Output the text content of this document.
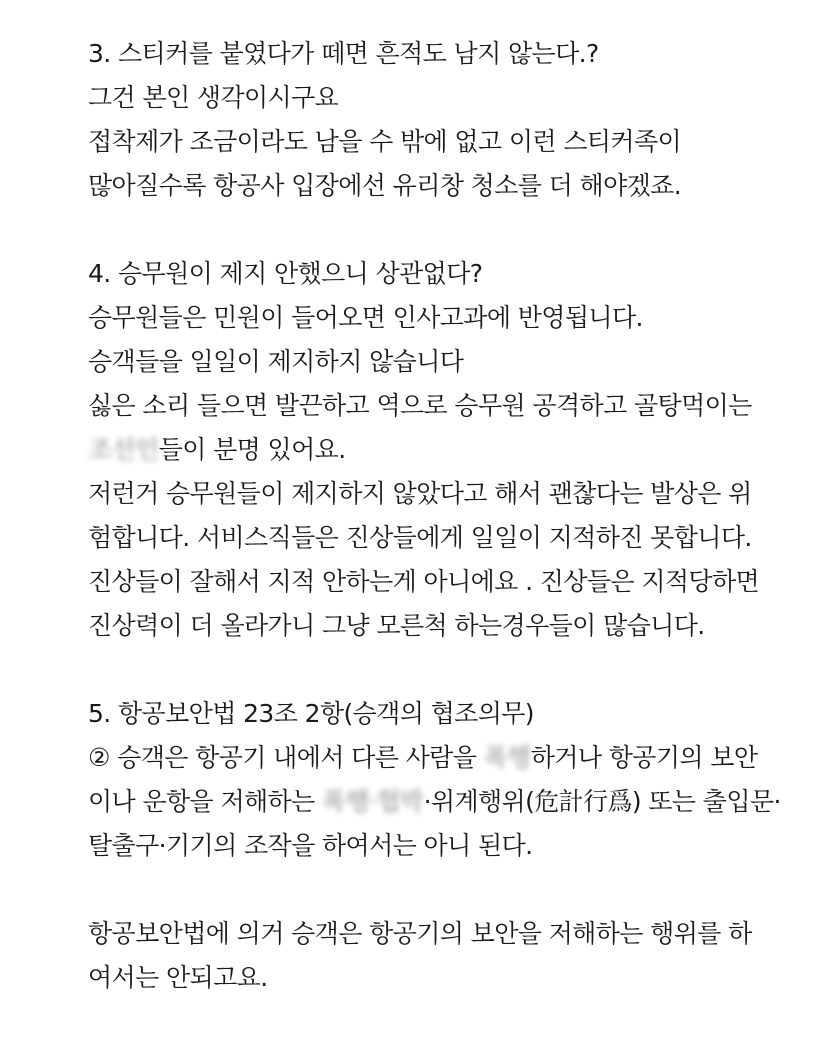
3. 스티커를 붙였다가 떼면 흔적도 남지 않는다.?
그건 본인 생각이시구요
접착제가 조금이라도 남을 수 밖에 없고 이런 스티커족이
많아질수록 항공사 입장에선 유리창 청소를 더 해야겠죠.
4. 승무원이 제지 안했으니 상관없다?
승무원들은 민원이 들어오면 인사고과에 반영됩니다.
승객들을 일일이 제지하지 않습니다
싫은 소리 들으면 발끈하고 역으로 승무원 공격하고 골탕먹이는
조선인들이 분명 있어요.
저런거 승무원들이 제지하지 않았다고 해서 괜찮다는 발상은 위
험합니다. 서비스직들은 진상들에게 일일이 지적하진 못합니다.
진상들이 잘해서 지적 안하는게 아니에요 . 진상들은 지적당하면
진상력이 더 올라가니 그냥 모른척 하는경우들이 많습니다.
5. 항공보안법 23조 2항(승객의 협조의무)
② 승객은 항공기 내에서 다른 사람을 폭행하거나 항공기의 보안
이나 운항을 저해하는 폭행·협박·위계행위(危計行爲) 또는 출입문·
탈출구·기기의 조작을 하여서는 아니 된다.
항공보안법에 의거 승객은 항공기의 보안을 저해하는 행위를 하
여서는 안되고요.
